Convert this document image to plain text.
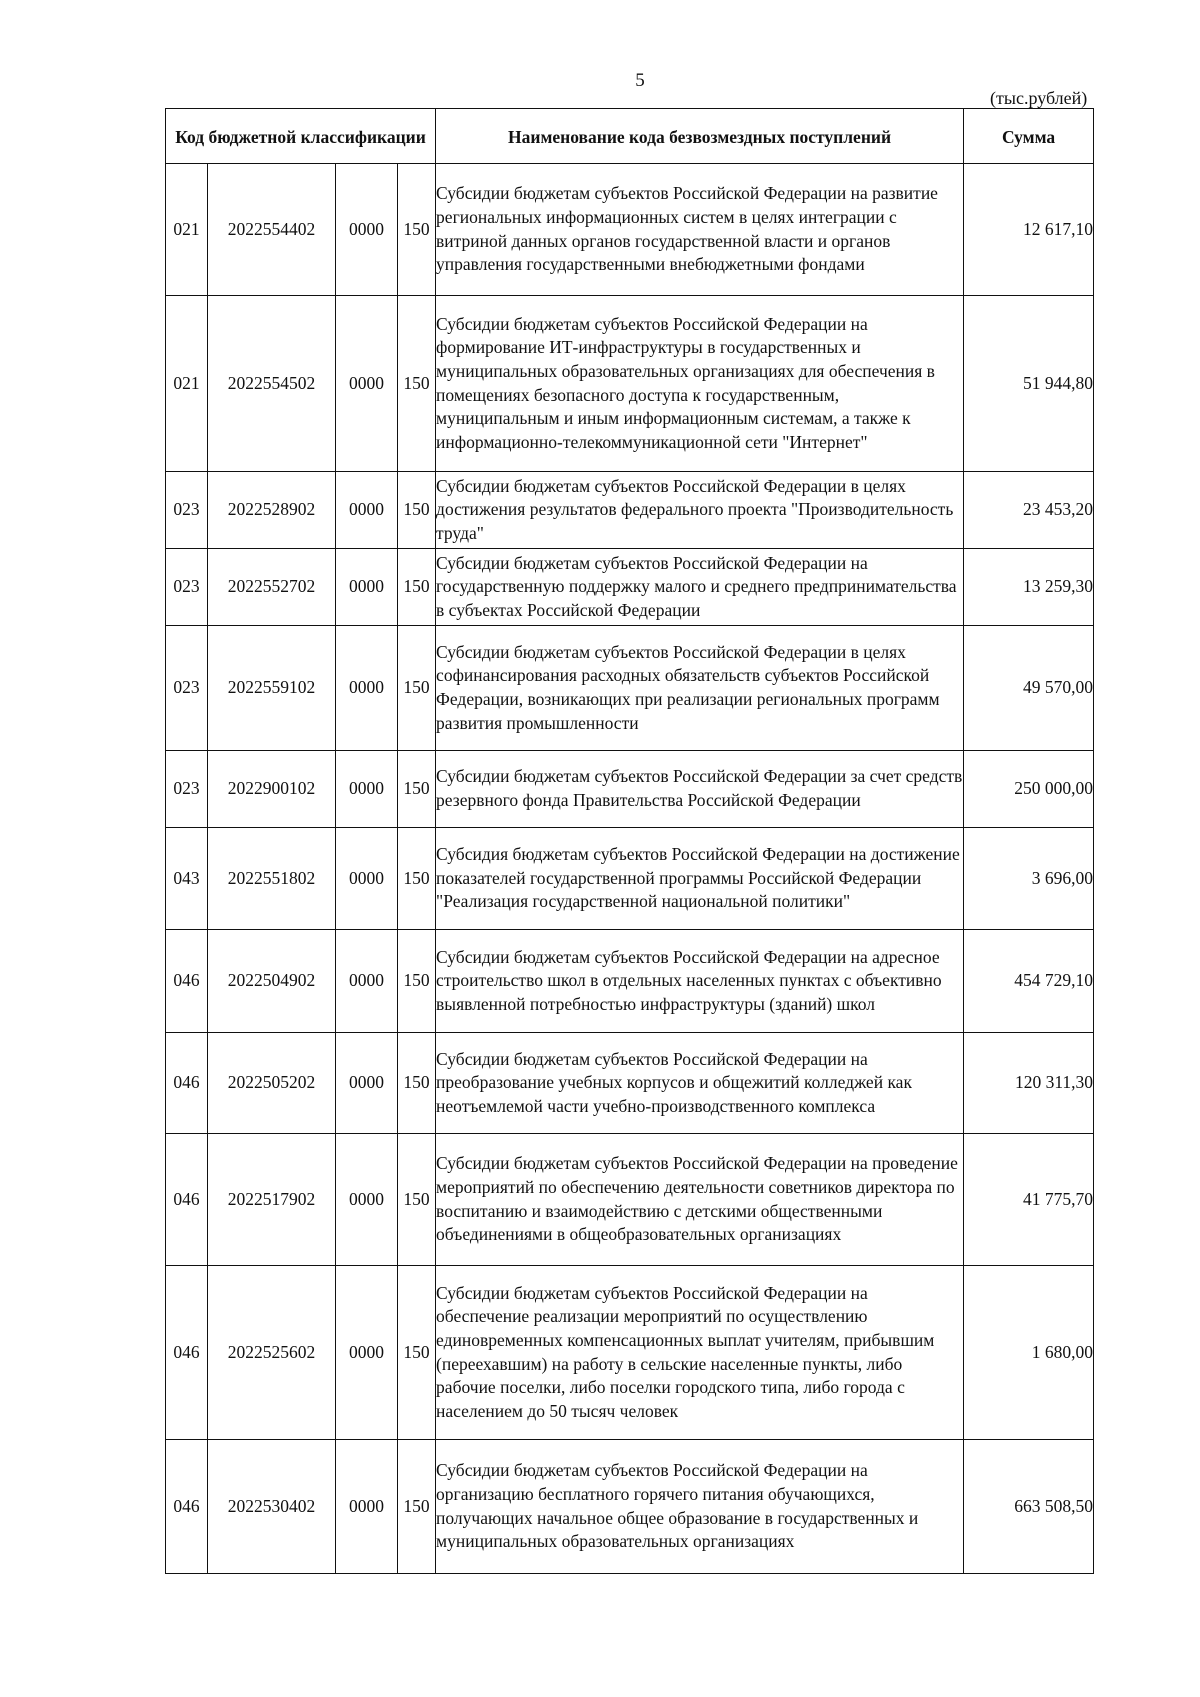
5
(тыс.рублей)
Код бюджетной классификации				Наименование кода безвозмездных поступлений	Сумма
021	2022554402	0000	150	Субсидии бюджетам субъектов Российской Федерации на развитие региональных информационных систем в целях интеграции с витриной данных органов государственной власти и органов управления государственными внебюджетными фондами	12 617,10
021	2022554502	0000	150	Субсидии бюджетам субъектов Российской Федерации на формирование ИТ-инфраструктуры в государственных и муниципальных образовательных организациях для обеспечения в помещениях безопасного доступа к государственным, муниципальным и иным информационным системам, а также к информационно-телекоммуникационной сети "Интернет"	51 944,80
023	2022528902	0000	150	Субсидии бюджетам субъектов Российской Федерации в целях достижения результатов федерального проекта "Производительность труда"	23 453,20
023	2022552702	0000	150	Субсидии бюджетам субъектов Российской Федерации на государственную поддержку малого и среднего предпринимательства в субъектах Российской Федерации	13 259,30
023	2022559102	0000	150	Субсидии бюджетам субъектов Российской Федерации в целях софинансирования расходных обязательств субъектов Российской Федерации, возникающих при реализации региональных программ развития промышленности	49 570,00
023	2022900102	0000	150	Субсидии бюджетам субъектов Российской Федерации за счет средств резервного фонда Правительства Российской Федерации	250 000,00
043	2022551802	0000	150	Субсидия бюджетам субъектов Российской Федерации на достижение показателей государственной программы Российской Федерации "Реализация государственной национальной политики"	3 696,00
046	2022504902	0000	150	Субсидии бюджетам субъектов Российской Федерации на адресное строительство школ в отдельных населенных пунктах с объективно выявленной потребностью инфраструктуры (зданий) школ	454 729,10
046	2022505202	0000	150	Субсидии бюджетам субъектов Российской Федерации на преобразование учебных корпусов и общежитий колледжей как неотъемлемой части учебно-производственного комплекса	120 311,30
046	2022517902	0000	150	Субсидии бюджетам субъектов Российской Федерации на проведение мероприятий по обеспечению деятельности советников директора по воспитанию и взаимодействию с детскими общественными объединениями в общеобразовательных организациях	41 775,70
046	2022525602	0000	150	Субсидии бюджетам субъектов Российской Федерации на обеспечение реализации мероприятий по осуществлению единовременных компенсационных выплат учителям, прибывшим (переехавшим) на работу в сельские населенные пункты, либо рабочие поселки, либо поселки городского типа, либо города с населением до 50 тысяч человек	1 680,00
046	2022530402	0000	150	Субсидии бюджетам субъектов Российской Федерации на организацию бесплатного горячего питания обучающихся, получающих начальное общее образование в государственных и муниципальных образовательных организациях	663 508,50
